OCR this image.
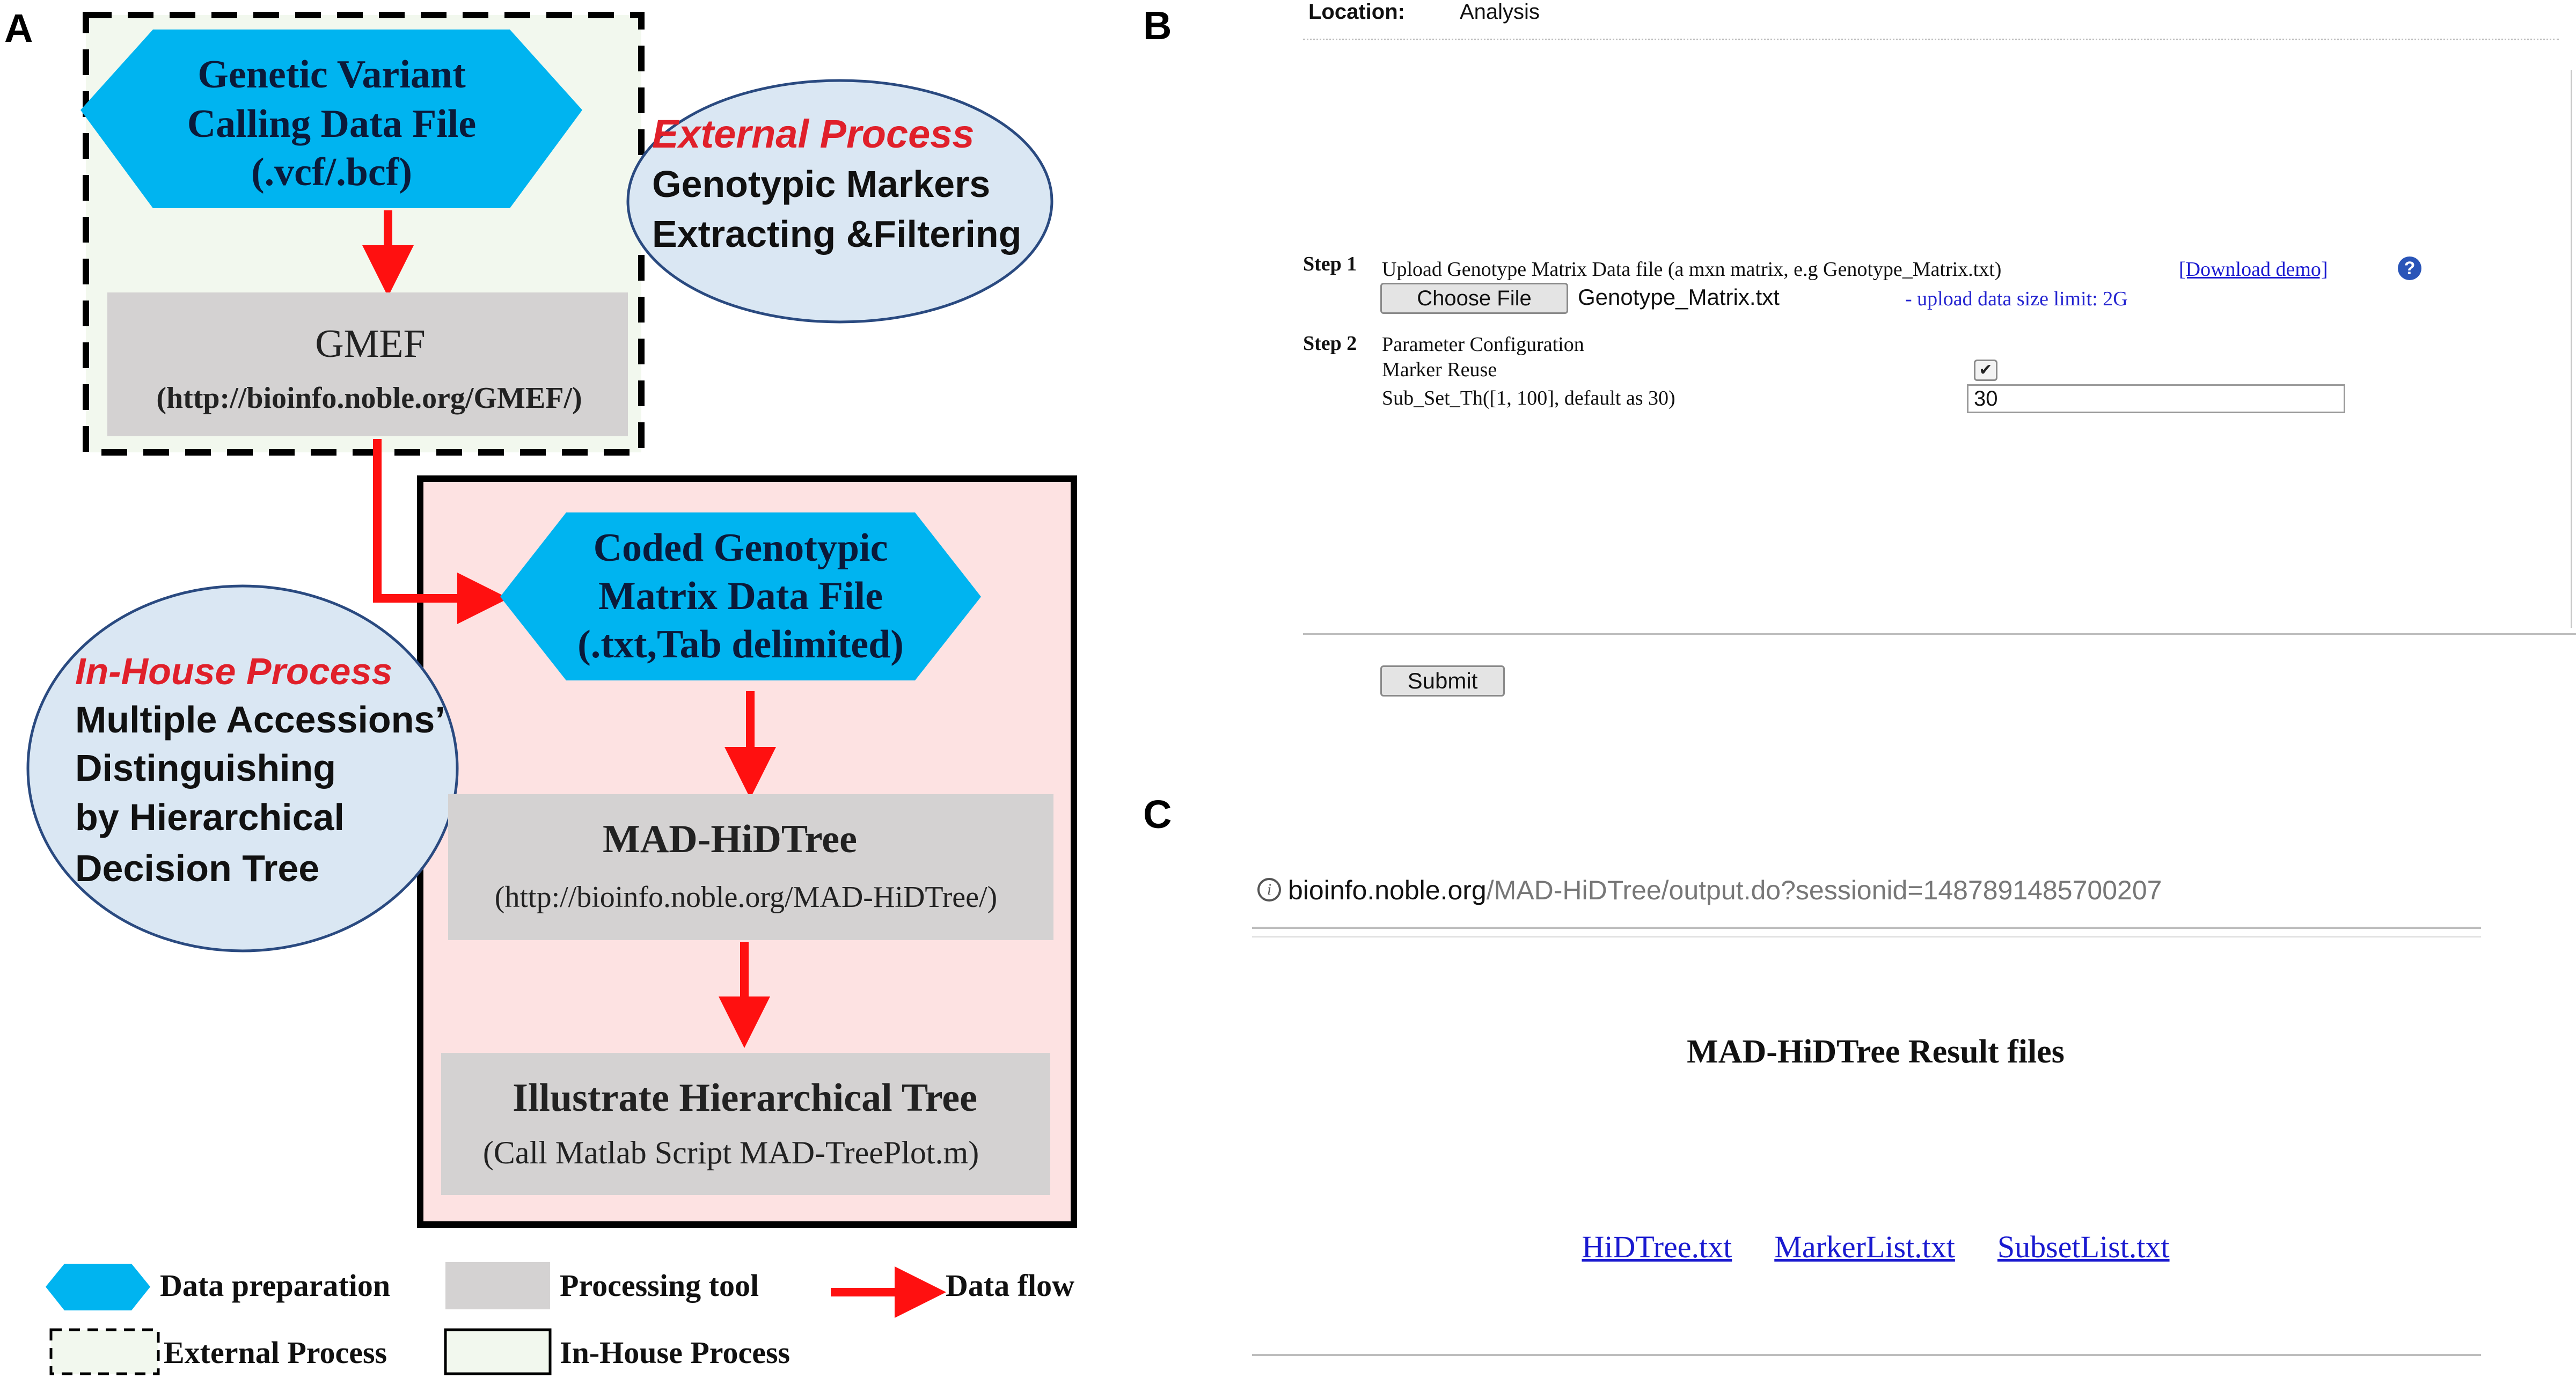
A
Genetic Variant
Calling Data File
(.vcf/.bcf)
GMEF
(http://bioinfo.noble.org/GMEF/)
External Process
Genotypic Markers
Extracting &Filtering
In-House Process
Multiple Accessions’
Distinguishing
by Hierarchical
Decision Tree
Coded Genotypic
Matrix Data File
(.txt,Tab delimited)
MAD-HiDTree
(http://bioinfo.noble.org/MAD-HiDTree/)
Illustrate Hierarchical Tree
(Call Matlab Script MAD-TreePlot.m)
Data preparation	Processing tool	Data flow
External Process	In-House Process
B	Location:	Analysis
Step 1 Upload Genotype Matrix Data file (a mxn matrix, e.g Genotype_Matrix.txt)	[Download demo]	?
Choose File	Genotype_Matrix.txt	- upload data size limit: 2G
Step 2 Parameter Configuration
Marker Reuse	✔
Sub_Set_Th([1, 100], default as 30)	30
Submit
C
i bioinfo.noble.org/MAD-HiDTree/output.do?sessionid=1487891485700207
MAD-HiDTree Result files
HiDTree.txt MarkerList.txt SubsetList.txt
